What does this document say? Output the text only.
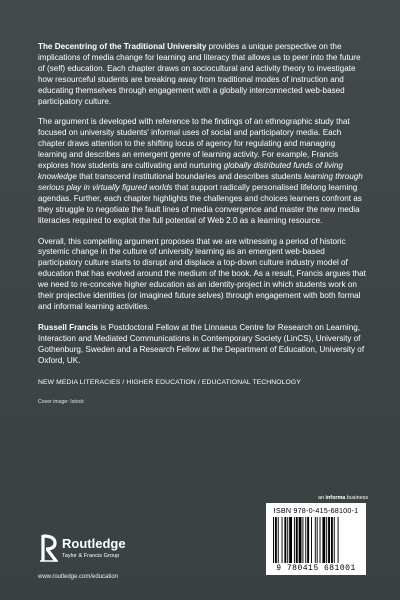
The Decentring of the Traditional University provides a unique perspective on the implications of media change for learning and literacy that allows us to peer into the future of (self) education. Each chapter draws on sociocultural and activity theory to investigate how resourceful students are breaking away from traditional modes of instruction and educating themselves through engagement with a globally interconnected web-based participatory culture.

The argument is developed with reference to the findings of an ethnographic study that focused on university students' informal uses of social and participatory media. Each chapter draws attention to the shifting locus of agency for regulating and managing learning and describes an emergent genre of learning activity. For example, Francis explores how students are cultivating and nurturing globally distributed funds of living knowledge that transcend institutional boundaries and describes students learning through serious play in virtually figured worlds that support radically personalised lifelong learning agendas. Further, each chapter highlights the challenges and choices learners confront as they struggle to negotiate the fault lines of media convergence and master the new media literacies required to exploit the full potential of Web 2.0 as a learning resource.

Overall, this compelling argument proposes that we are witnessing a period of historic systemic change in the culture of university learning as an emergent web-based participatory culture starts to disrupt and displace a top-down culture industry model of education that has evolved around the medium of the book. As a result, Francis argues that we need to re-conceive higher education as an identity-project in which students work on their projective identities (or imagined future selves) through engagement with both formal and informal learning activities.

Russell Francis is Postdoctoral Fellow at the Linnaeus Centre for Research on Learning, Interaction and Mediated Communications in Contemporary Society (LinCS), University of Gothenburg, Sweden and a Research Fellow at the Department of Education, University of Oxford, UK.

NEW MEDIA LITERACIES / HIGHER EDUCATION / EDUCATIONAL TECHNOLOGY
Cover image: Istock
an informa business
ISBN 978-0-415-68100-1
9 780415 681001
Routledge
Taylor & Francis Group
www.routledge.com/education
